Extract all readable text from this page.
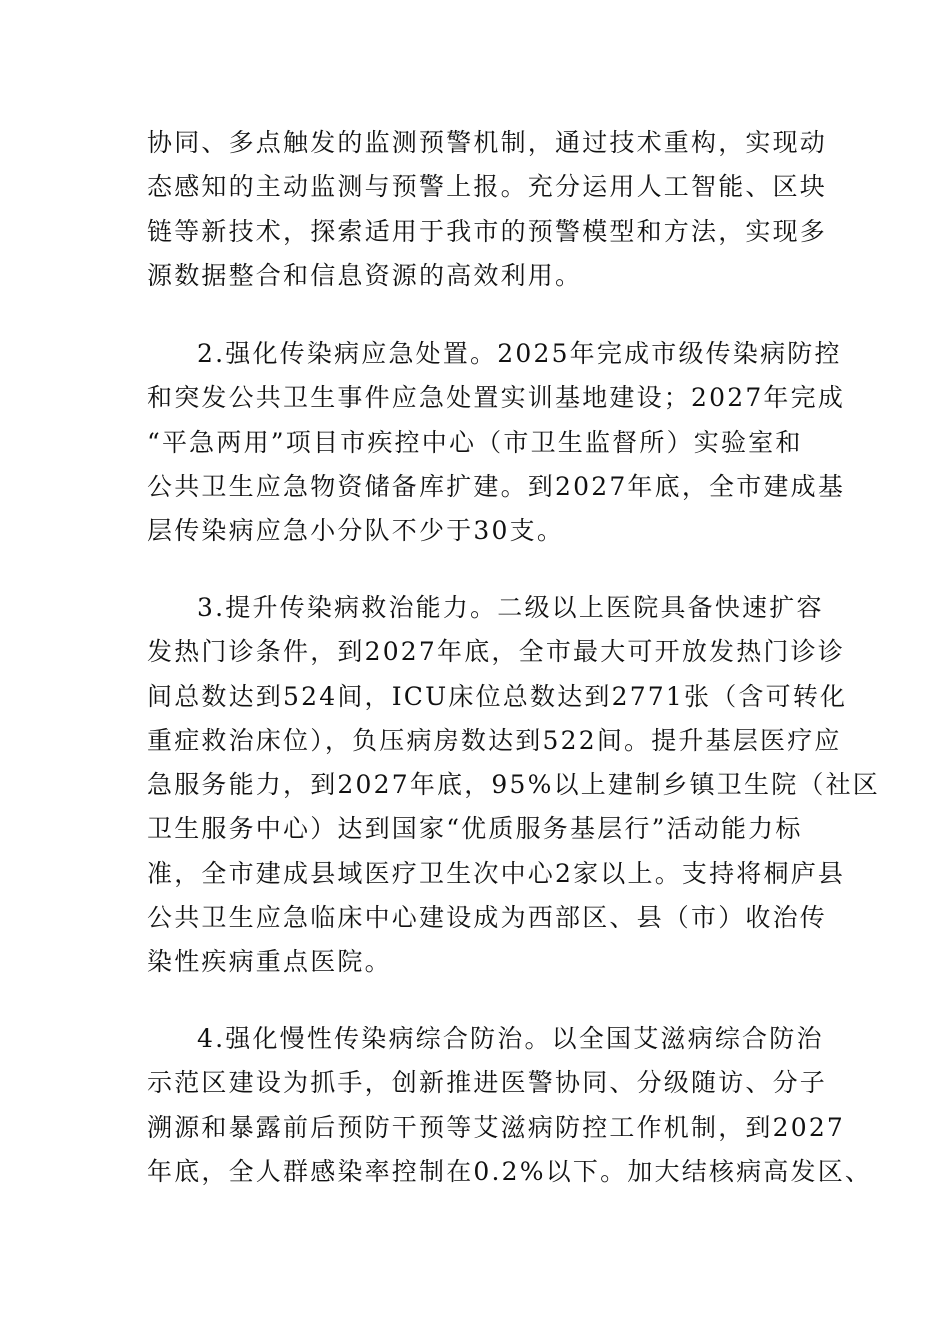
协同、多点触发的监测预警机制，通过技术重构，实现动
态感知的主动监测与预警上报。充分运用人工智能、区块
链等新技术，探索适用于我市的预警模型和方法，实现多
源数据整合和信息资源的高效利用。
2.强化传染病应急处置。2025年完成市级传染病防控
和突发公共卫生事件应急处置实训基地建设；2027年完成
“平急两用”项目市疾控中心（市卫生监督所）实验室和
公共卫生应急物资储备库扩建。到2027年底，全市建成基
层传染病应急小分队不少于30支。
3.提升传染病救治能力。二级以上医院具备快速扩容
发热门诊条件，到2027年底，全市最大可开放发热门诊诊
间总数达到524间，ICU床位总数达到2771张（含可转化
重症救治床位），负压病房数达到522间。提升基层医疗应
急服务能力，到2027年底，95%以上建制乡镇卫生院（社区
卫生服务中心）达到国家“优质服务基层行”活动能力标
准，全市建成县域医疗卫生次中心2家以上。支持将桐庐县
公共卫生应急临床中心建设成为西部区、县（市）收治传
染性疾病重点医院。
4.强化慢性传染病综合防治。以全国艾滋病综合防治
示范区建设为抓手，创新推进医警协同、分级随访、分子
溯源和暴露前后预防干预等艾滋病防控工作机制，到2027
年底，全人群感染率控制在0.2%以下。加大结核病高发区、
